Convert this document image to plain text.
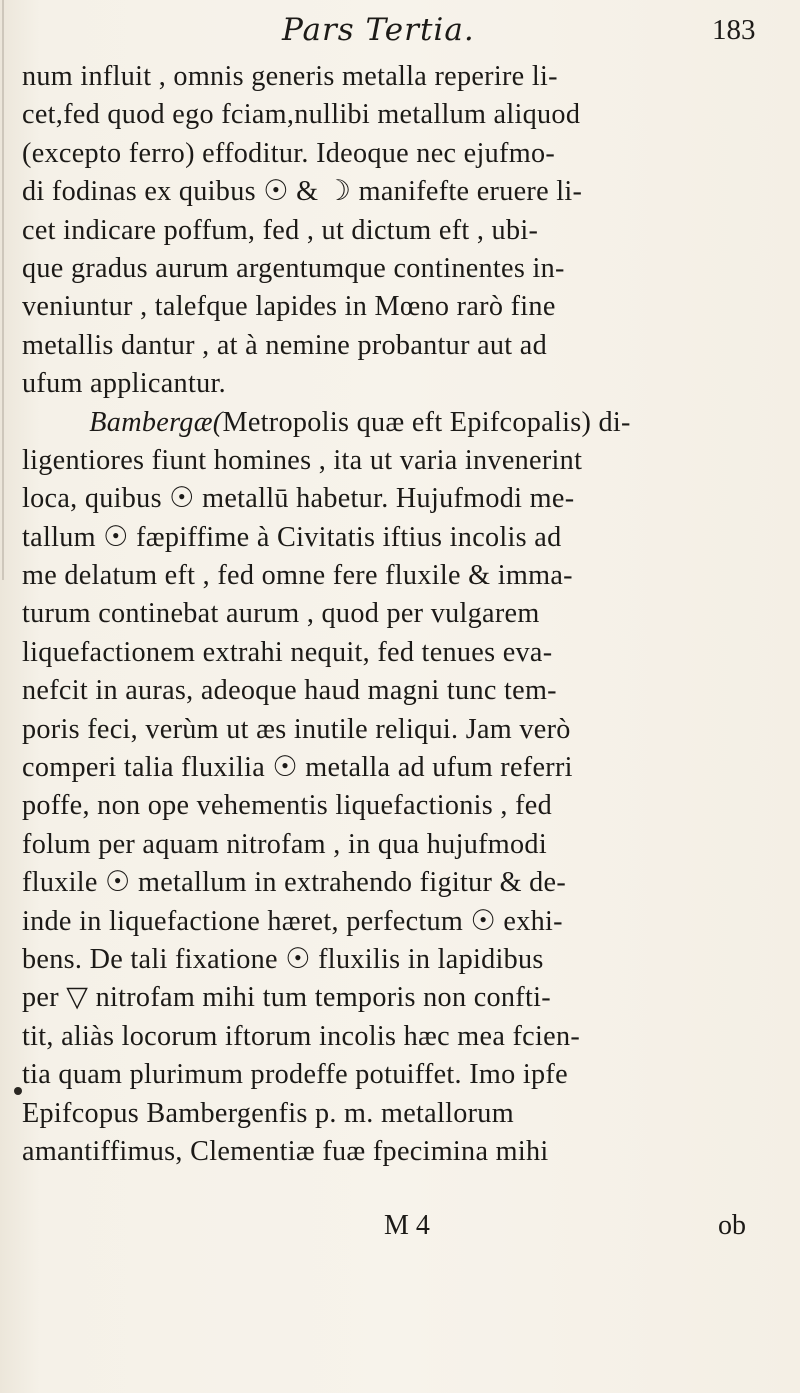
Pars Tertia.	183
num influit , omnis generis metalla reperire li-
cet,fed quod ego fciam,nullibi metallum aliquod
(excepto ferro) effoditur. Ideoque nec ejufmo-
di fodinas ex quibus ☉ & ☽ manifefte eruere li-
cet indicare poffum, fed , ut dictum eft , ubi-
que gradus aurum argentumque continentes in-
veniuntur , talefque lapides in Mœno rarò fine
metallis dantur , at à nemine probantur aut ad
ufum applicantur.
Bambergæ(Metropolis quæ eft Epifcopalis) di-
ligentiores fiunt homines , ita ut varia invenerint
loca, quibus ☉ metallū habetur. Hujufmodi me-
tallum ☉ fæpiffime à Civitatis iftius incolis ad
me delatum eft , fed omne fere fluxile & imma-
turum continebat aurum , quod per vulgarem
liquefactionem extrahi nequit, fed tenues eva-
nefcit in auras, adeoque haud magni tunc tem-
poris feci, verùm ut æs inutile reliqui. Jam verò
comperi talia fluxilia ☉ metalla ad ufum referri
poffe, non ope vehementis liquefactionis , fed
folum per aquam nitrofam , in qua hujufmodi
fluxile ☉ metallum in extrahendo figitur & de-
inde in liquefactione hæret, perfectum ☉ exhi-
bens. De tali fixatione ☉ fluxilis in lapidibus
per ▽ nitrofam mihi tum temporis non confti-
tit, aliàs locorum iftorum incolis hæc mea fcien-
tia quam plurimum prodeffe potuiffet. Imo ipfe
Epifcopus Bambergenfis p. m. metallorum
amantiffimus, Clementiæ fuæ fpecimina mihi
M 4	ob
